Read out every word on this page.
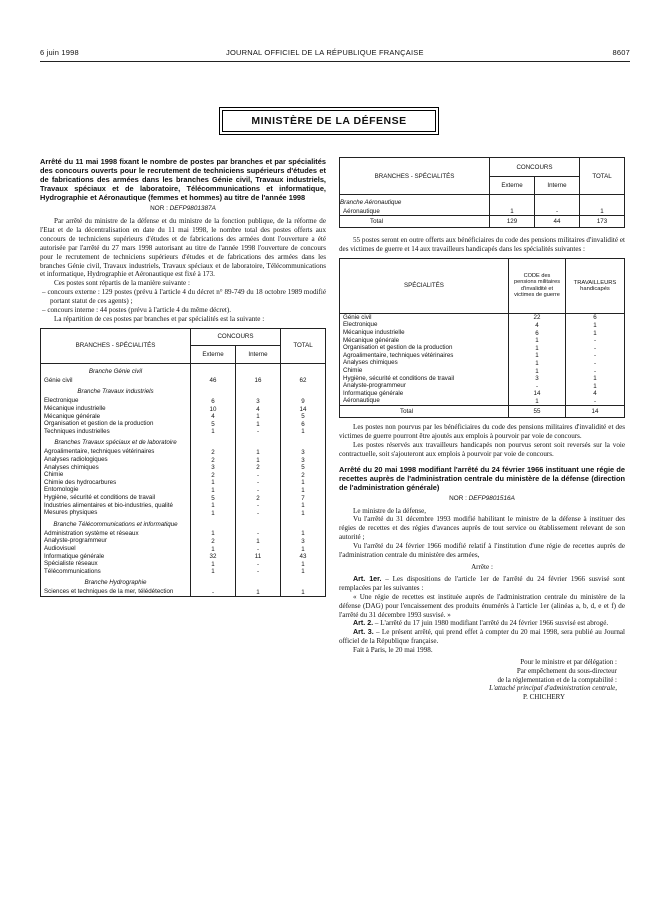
6 juin 1998	JOURNAL OFFICIEL DE LA RÉPUBLIQUE FRANÇAISE	8607
MINISTÈRE DE LA DÉFENSE

Arrêté du 11 mai 1998 fixant le nombre de postes par branches et par spécialités des concours ouverts pour le recrutement de techniciens supérieurs d'études et de fabrications des armées dans les branches Génie civil, Travaux industriels, Travaux spéciaux et de laboratoire, Télécommunications et informatique, Hydrographie et Aéronautique (femmes et hommes) au titre de l'année 1998

NOR : DEFP9801387A

Par arrêté du ministre de la défense et du ministre de la fonction publique, de la réforme de l'Etat et de la décentralisation en date du 11 mai 1998, le nombre total des postes offerts aux concours de techniciens supérieurs d'études et de fabrications des armées dont l'ouverture a été autorisée par l'arrêté du 27 mars 1998 autorisant au titre de l'année 1998 l'ouverture de concours pour le recrutement de techniciens supérieurs d'études et de fabrications des armées dans les branches Génie civil, Travaux industriels, Travaux spéciaux et de laboratoire, Télécommunications et informatique, Hydrographie et Aéronautique est fixé à 173.

Ces postes sont répartis de la manière suivante :

– concours externe : 129 postes (prévu à l'article 4 du décret n° 89-749 du 18 octobre 1989 modifié portant statut de ces agents) ;

– concours interne : 44 postes (prévu à l'article 4 du même décret).

La répartition de ces postes par branches et par spécialités est la suivante :

BRANCHES - SPÉCIALITÉS	CONCOURS		TOTAL
	Externe	Interne	
Branche Génie civil			
Génie civil	46	16	62
Branche Travaux industriels			
Electronique	6	3	9
Mécanique industrielle	10	4	14
Mécanique générale	4	1	5
Organisation et gestion de la production	5	1	6
Techniques industrielles	1	-	1
Branches Travaux spéciaux et de laboratoire			
Agroalimentaire, techniques vétérinaires	2	1	3
Analyses radiologiques	2	1	3
Analyses chimiques	3	2	5
Chimie	2	-	2
Chimie des hydrocarbures	1	-	1
Entomologie	1	-	1
Hygiène, sécurité et conditions de travail	5	2	7
Industries alimentaires et bio-industries, qualité	1	-	1
Mesures physiques	1	-	1
Branche Télécommunications et informatique			
Administration système et réseaux	1	-	1
Analyste-programmeur	2	1	3
Audiovisuel	1	-	1
Informatique générale	32	11	43
Spécialiste réseaux	1	-	1
Télécommunications	1	-	1
Branche Hydrographie			
Sciences et techniques de la mer, télédétection	-	1	1
BRANCHES - SPÉCIALITÉS	CONCOURS		TOTAL
	Externe	Interne	
Branche Aéronautique			
Aéronautique	1	-	1
Total	129	44	173

55 postes seront en outre offerts aux bénéficiaires du code des pensions militaires d'invalidité et des victimes de guerre et 14 aux travailleurs handicapés dans les spécialités suivantes :

SPÉCIALITÉS	CODE des pensions militaires d'invalidité et victimes de guerre	TRAVAILLEURS handicapés
Génie civil	22	6
Electronique	4	1
Mécanique industrielle	6	1
Mécanique générale	1	-
Organisation et gestion de la production	1	-
Agroalimentaire, techniques vétérinaires	1	-
Analyses chimiques	1	-
Chimie	1	-
Hygiène, sécurité et conditions de travail	3	1
Analyste-programmeur	-	1
Informatique générale	14	4
Aéronautique	1	-
Total	55	14

Les postes non pourvus par les bénéficiaires du code des pensions militaires d'invalidité et des victimes de guerre pourront être ajoutés aux emplois à pourvoir par voie de concours.

Les postes réservés aux travailleurs handicapés non pourvus seront soit reversés sur la voie contractuelle, soit s'ajouteront aux emplois à pourvoir par voie de concours.

Arrêté du 20 mai 1998 modifiant l'arrêté du 24 février 1966 instituant une régie de recettes auprès de l'administration centrale du ministère de la défense (direction de l'administration générale)

NOR : DEFP9801516A

Le ministre de la défense,

Vu l'arrêté du 31 décembre 1993 modifié habilitant le ministre de la défense à instituer des régies de recettes et des régies d'avances auprès de tout service ou établissement relevant de son autorité ;

Vu l'arrêté du 24 février 1966 modifié relatif à l'institution d'une régie de recettes auprès de l'administration centrale du ministère des armées,

Arrête :

Art. 1er. – Les dispositions de l'article 1er de l'arrêté du 24 février 1966 susvisé sont remplacées par les suivantes :

« Une régie de recettes est instituée auprès de l'administration centrale du ministère de la défense (DAG) pour l'encaissement des produits énumérés à l'article 1er (alinéas a, b, d, e et f) de l'arrêté du 31 décembre 1993 susvisé. »

Art. 2. – L'arrêté du 17 juin 1980 modifiant l'arrêté du 24 février 1966 susvisé est abrogé.

Art. 3. – Le présent arrêté, qui prend effet à compter du 20 mai 1998, sera publié au Journal officiel de la République française.

Fait à Paris, le 20 mai 1998.

Pour le ministre et par délégation :

Par empêchement du sous-directeur

de la réglementation et de la comptabilité :

L'attaché principal d'administration centrale,

P. CHICHERY
